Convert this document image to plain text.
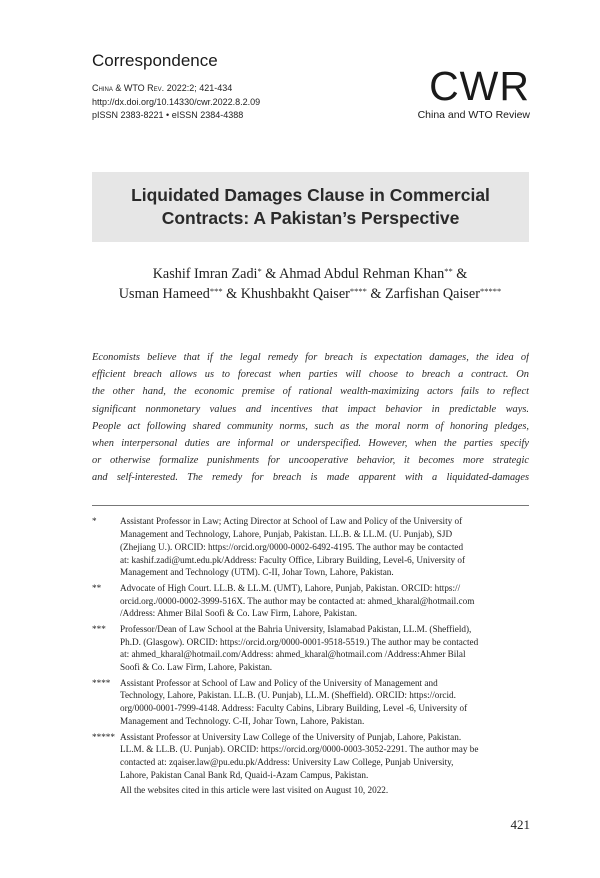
Correspondence
China & WTO Rev. 2022:2; 421-434
http://dx.doi.org/10.14330/cwr.2022.8.2.09
pISSN 2383-8221 • eISSN 2384-4388
CWR
China and WTO Review
Liquidated Damages Clause in Commercial
Contracts: A Pakistan’s Perspective
Kashif Imran Zadi* & Ahmad Abdul Rehman Khan** &
Usman Hameed*** & Khushbakht Qaiser**** & Zarfishan Qaiser*****
Economists believe that if the legal remedy for breach is expectation damages, the idea of
efficient breach allows us to forecast when parties will choose to breach a contract. On
the other hand, the economic premise of rational wealth-maximizing actors fails to reflect
significant nonmonetary values and incentives that impact behavior in predictable ways.
People act following shared community norms, such as the moral norm of honoring pledges,
when interpersonal duties are informal or underspecified. However, when the parties specify
or otherwise formalize punishments for uncooperative behavior, it becomes more strategic
and self-interested. The remedy for breach is made apparent with a liquidated-damages
*	Assistant Professor in Law; Acting Director at School of Law and Policy of the University of
Management and Technology, Lahore, Punjab, Pakistan. LL.B. & LL.M. (U. Punjab), SJD
(Zhejiang U.). ORCID: https://orcid.org/0000-0002-6492-4195. The author may be contacted
at: kashif.zadi@umt.edu.pk/Address: Faculty Office, Library Building, Level-6, University of
Management and Technology (UTM). C-II, Johar Town, Lahore, Pakistan.
** Advocate of High Court. LL.B. & LL.M. (UMT), Lahore, Punjab, Pakistan. ORCID: https://
orcid.org./0000-0002-3999-516X. The author may be contacted at: ahmed_kharal@hotmail.com
/Address: Ahmer Bilal Soofi & Co. Law Firm, Lahore, Pakistan.
*** Professor/Dean of Law School at the Bahria University, Islamabad Pakistan, LL.M. (Sheffield),
Ph.D. (Glasgow). ORCID: https://orcid.org/0000-0001-9518-5519.) The author may be contacted
at: ahmed_kharal@hotmail.com/Address: ahmed_kharal@hotmail.com /Address:Ahmer Bilal
Soofi & Co. Law Firm, Lahore, Pakistan.
**** Assistant Professor at School of Law and Policy of the University of Management and
Technology, Lahore, Pakistan. LL.B. (U. Punjab), LL.M. (Sheffield). ORCID: https://orcid.
org/0000-0001-7999-4148. Address: Faculty Cabins, Library Building, Level -6, University of
Management and Technology. C-II, Johar Town, Lahore, Pakistan.
***** Assistant Professor at University Law College of the University of Punjab, Lahore, Pakistan.
LL.M. & LL.B. (U. Punjab). ORCID: https://orcid.org/0000-0003-3052-2291. The author may be
contacted at: zqaiser.law@pu.edu.pk/Address: University Law College, Punjab University,
Lahore, Pakistan Canal Bank Rd, Quaid-i-Azam Campus, Pakistan.
All the websites cited in this article were last visited on August 10, 2022.
421
